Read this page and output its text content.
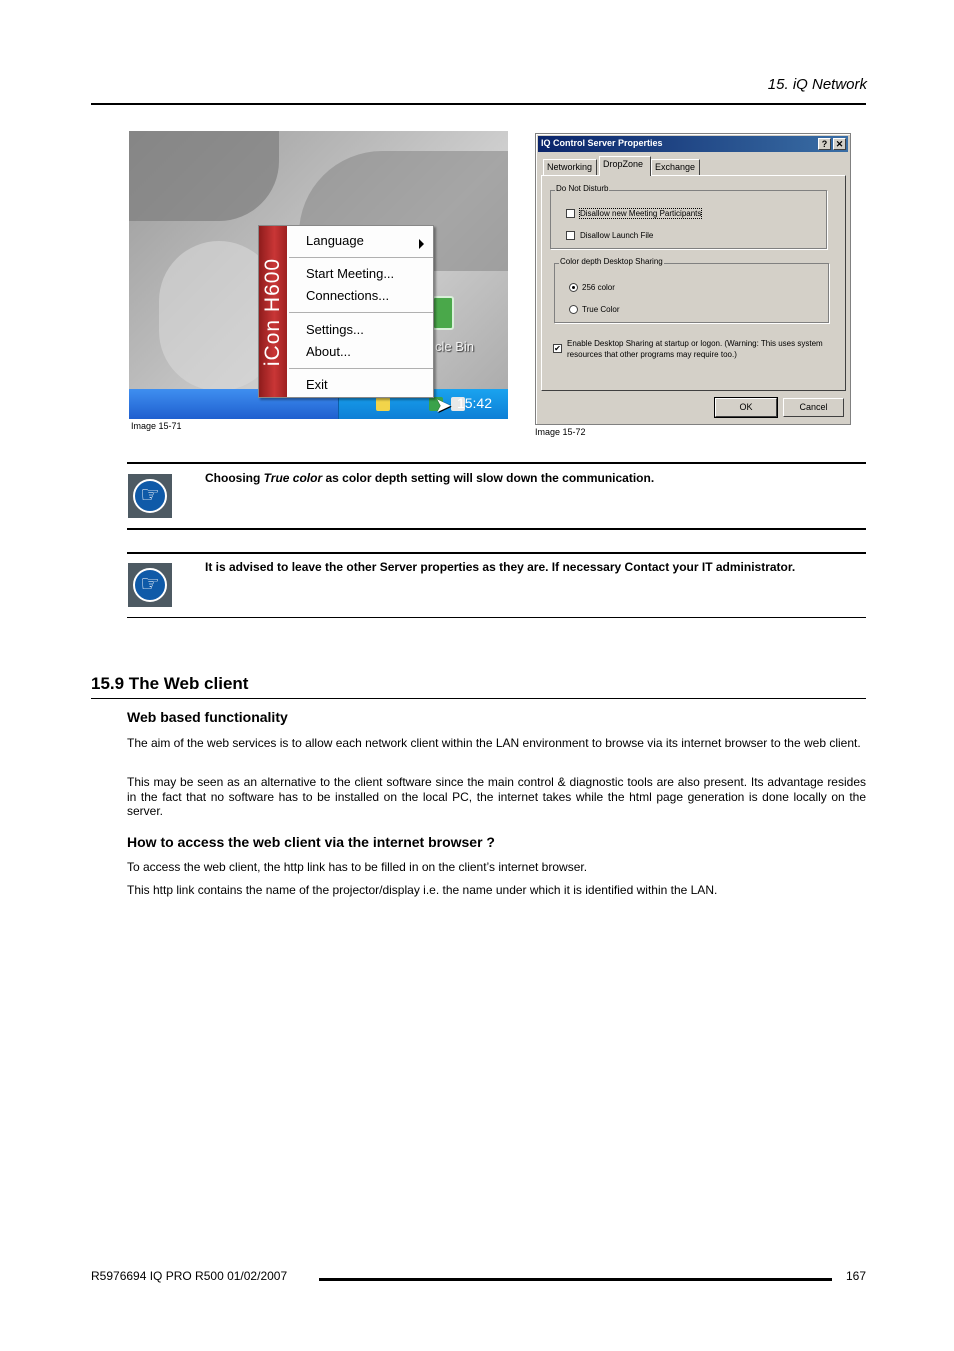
15. iQ Network
cle Bin
15:42
➤
iCon H600
Language
Start Meeting...
Connections...
Settings...
About...
Exit
Image 15-71
IQ Control Server Properties	? ✕
Networking	DropZone	Exchange
Do Not Disturb
Disallow new Meeting Participants
Disallow Launch File
Color depth Desktop Sharing
256 color
True Color
✔
Enable Desktop Sharing at startup or logon. (Warning: This uses system resources that other programs may require too.)
OK	Cancel
Image 15-72
☞
Choosing True color as color depth setting will slow down the communication.
☞
It is advised to leave the other Server properties as they are. If necessary Contact your IT administrator.
15.9 The Web client
Web based functionality

The aim of the web services is to allow each network client within the LAN environment to browse via its internet browser to the web client.

This may be seen as an alternative to the client software since the main control & diagnostic tools are also present. Its advantage resides in the fact that no software has to be installed on the local PC, the internet takes while the html page generation is done locally on the server.

How to access the web client via the internet browser ?

To access the web client, the http link has to be filled in on the client’s internet browser.

This http link contains the name of the projector/display i.e. the name under which it is identified within the LAN.

R5976694 IQ PRO R500 01/02/2007	167
